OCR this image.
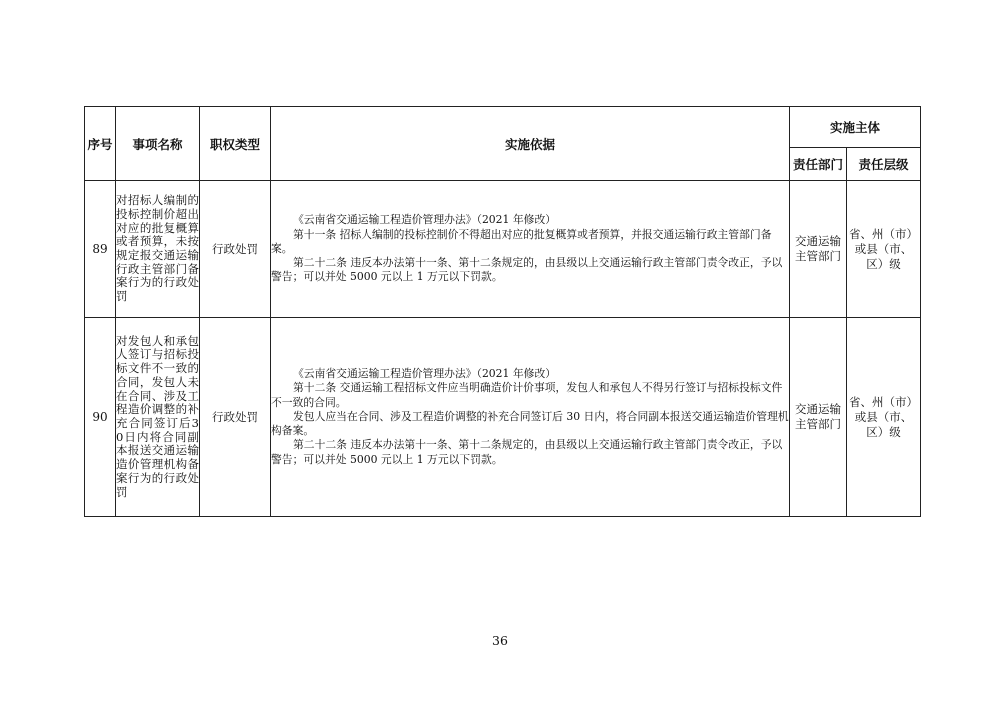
序号	事项名称	职权类型	实施依据	实施主体	
				责任部门	责任层级
89	对招标人编制的投标控制价超出对应的批复概算或者预算，未按规定报交通运输行政主管部门备案行为的行政处罚	行政处罚	《云南省交通运输工程造价管理办法》（2021 年修改）

第十一条 招标人编制的投标控制价不得超出对应的批复概算或者预算，并报交通运输行政主管部门备案。

第二十二条 违反本办法第十一条、第十二条规定的，由县级以上交通运输行政主管部门责令改正，予以警告；可以并处 5000 元以上 1 万元以下罚款。	交通运输主管部门	省、州（市）或县（市、区）级
90	对发包人和承包人签订与招标投标文件不一致的合同，发包人未在合同、涉及工程造价调整的补充合同签订后30日内将合同副本报送交通运输造价管理机构备案行为的行政处罚	行政处罚	《云南省交通运输工程造价管理办法》（2021 年修改）

第十二条 交通运输工程招标文件应当明确造价计价事项，发包人和承包人不得另行签订与招标投标文件不一致的合同。

发包人应当在合同、涉及工程造价调整的补充合同签订后 30 日内，将合同副本报送交通运输造价管理机构备案。

第二十二条 违反本办法第十一条、第十二条规定的，由县级以上交通运输行政主管部门责令改正，予以警告；可以并处 5000 元以上 1 万元以下罚款。	交通运输主管部门	省、州（市）或县（市、区）级
36
